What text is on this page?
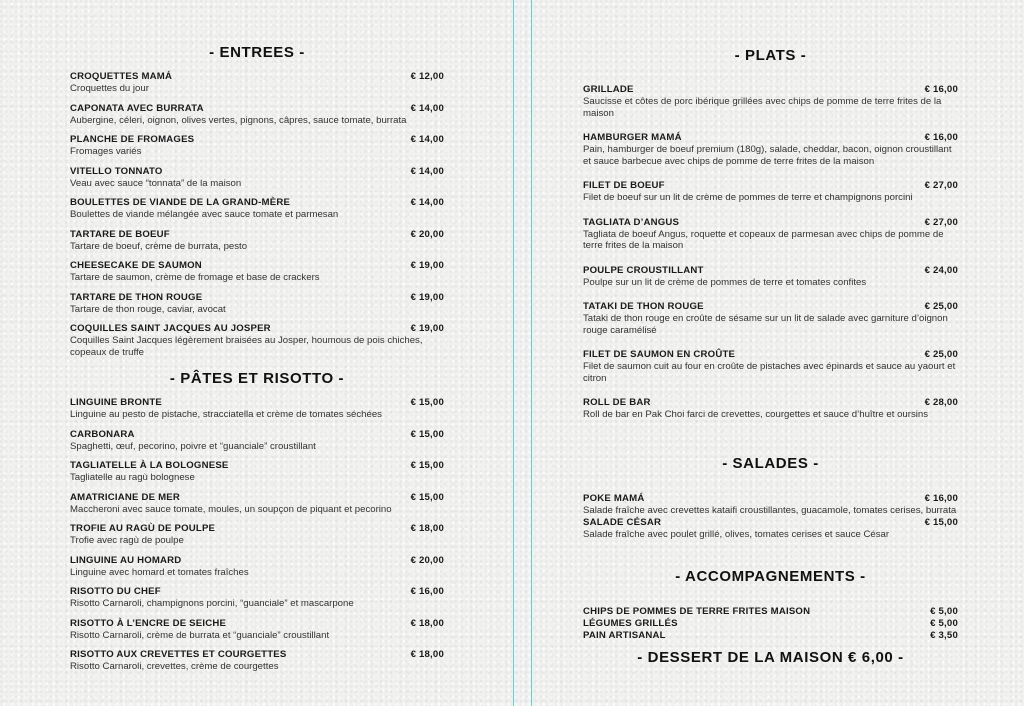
- ENTREES -
CROQUETTES MAMÁ	€ 12,00
Croquettes du jour
CAPONATA AVEC BURRATA	€ 14,00
Aubergine, céleri, oignon, olives vertes, pignons, câpres, sauce tomate, burrata
PLANCHE DE FROMAGES	€ 14,00
Fromages variés
VITELLO TONNATO	€ 14,00
Veau avec sauce “tonnata” de la maison
BOULETTES DE VIANDE DE LA GRAND-MÈRE	€ 14,00
Boulettes de viande mélangée avec sauce tomate et parmesan
TARTARE DE BOEUF	€ 20,00
Tartare de boeuf, crème de burrata, pesto
CHEESECAKE DE SAUMON	€ 19,00
Tartare de saumon, crème de fromage et base de crackers
TARTARE DE THON ROUGE	€ 19,00
Tartare de thon rouge, caviar, avocat
COQUILLES SAINT JACQUES AU JOSPER	€ 19,00
Coquilles Saint Jacques légèrement braisées au Josper, houmous de pois chiches, copeaux de truffe
- PÂTES ET RISOTTO -
LINGUINE BRONTE	€ 15,00
Linguine au pesto de pistache, stracciatella et crème de tomates séchées
CARBONARA	€ 15,00
Spaghetti, œuf, pecorino, poivre et “guanciale” croustillant
TAGLIATELLE À LA BOLOGNESE	€ 15,00
Tagliatelle au ragù bolognese
AMATRICIANE DE MER	€ 15,00
Maccheroni avec sauce tomate, moules, un soupçon de piquant et pecorino
TROFIE AU RAGÙ DE POULPE	€ 18,00
Trofie avec ragù de poulpe
LINGUINE AU HOMARD	€ 20,00
Linguine avec homard et tomates fraîches
RISOTTO DU CHEF	€ 16,00
Risotto Carnaroli, champignons porcini, “guanciale” et mascarpone
RISOTTO À L’ENCRE DE SEICHE	€ 18,00
Risotto Carnaroli, crème de burrata et “guanciale” croustillant
RISOTTO AUX CREVETTES ET COURGETTES	€ 18,00
Risotto Carnaroli, crevettes, crème de courgettes
- PLATS -
GRILLADE	€ 16,00
Saucisse et côtes de porc ibérique grillées avec chips de pomme de terre frites de la maison
HAMBURGER MAMÁ	€ 16,00
Pain, hamburger de boeuf premium (180g), salade, cheddar, bacon, oignon croustillant et sauce barbecue avec chips de pomme de terre frites de la maison
FILET DE BOEUF	€ 27,00
Filet de boeuf sur un lit de crème de pommes de terre et champignons porcini
TAGLIATA D’ANGUS	€ 27,00
Tagliata de boeuf Angus, roquette et copeaux de parmesan avec chips de pomme de terre frites de la maison
POULPE CROUSTILLANT	€ 24,00
Poulpe sur un lit de crème de pommes de terre et tomates confites
TATAKI DE THON ROUGE	€ 25,00
Tataki de thon rouge en croûte de sésame sur un lit de salade avec garniture d’oignon rouge caramélisé
FILET DE SAUMON EN CROÛTE	€ 25,00
Filet de saumon cuit au four en croûte de pistaches avec épinards et sauce au yaourt et citron
ROLL DE BAR	€ 28,00
Roll de bar en Pak Choi farci de crevettes, courgettes et sauce d’huître et oursins
- SALADES -
POKE MAMÁ	€ 16,00
Salade fraîche avec crevettes kataifi croustillantes, guacamole, tomates cerises, burrata
SALADE CÉSAR	€ 15,00
Salade fraîche avec poulet grillé, olives, tomates cerises et sauce César
- ACCOMPAGNEMENTS -
CHIPS DE POMMES DE TERRE FRITES MAISON	€ 5,00
LÉGUMES GRILLÉS	€ 5,00
PAIN ARTISANAL	€ 3,50
- DESSERT DE LA MAISON € 6,00 -
